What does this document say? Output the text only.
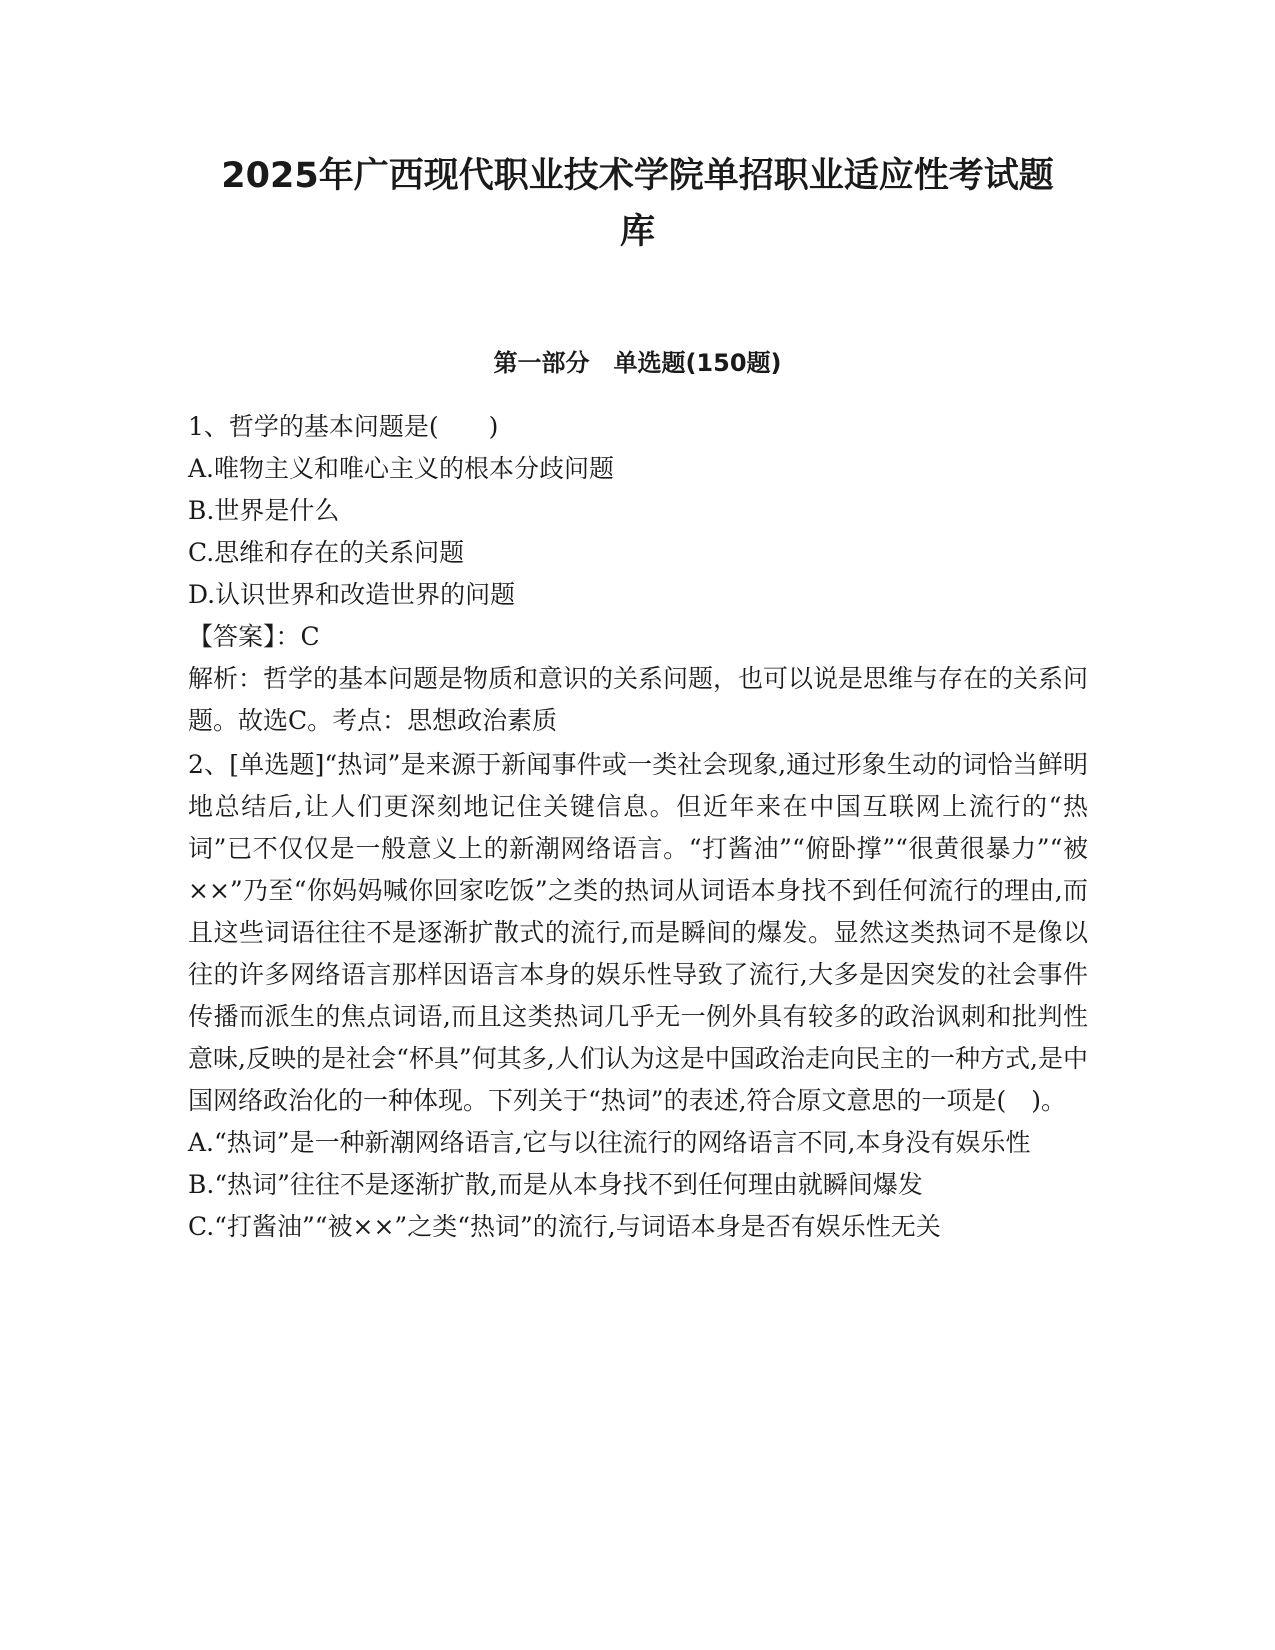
2025年广西现代职业技术学院单招职业适应性考试题
库
第一部分　单选题(150题)

1、哲学的基本问题是(　　)

A.唯物主义和唯心主义的根本分歧问题

B.世界是什么

C.思维和存在的关系问题

D.认识世界和改造世界的问题

【答案】：C

解析：哲学的基本问题是物质和意识的关系问题，也可以说是思维与存在的关系问题。故选C。考点：思想政治素质

2、[单选题]“热词”是来源于新闻事件或一类社会现象,通过形象生动的词恰当鲜明地总结后,让人们更深刻地记住关键信息。但近年来在中国互联网上流行的“热词”已不仅仅是一般意义上的新潮网络语言。“打酱油”“俯卧撑”“很黄很暴力”“被××”乃至“你妈妈喊你回家吃饭”之类的热词从词语本身找不到任何流行的理由,而且这些词语往往不是逐渐扩散式的流行,而是瞬间的爆发。显然这类热词不是像以往的许多网络语言那样因语言本身的娱乐性导致了流行,大多是因突发的社会事件传播而派生的焦点词语,而且这类热词几乎无一例外具有较多的政治讽刺和批判性意味,反映的是社会“杯具”何其多,人们认为这是中国政治走向民主的一种方式,是中国网络政治化的一种体现。下列关于“热词”的表述,符合原文意思的一项是(　)。

A.“热词”是一种新潮网络语言,它与以往流行的网络语言不同,本身没有娱乐性

B.“热词”往往不是逐渐扩散,而是从本身找不到任何理由就瞬间爆发

C.“打酱油”“被××”之类“热词”的流行,与词语本身是否有娱乐性无关
